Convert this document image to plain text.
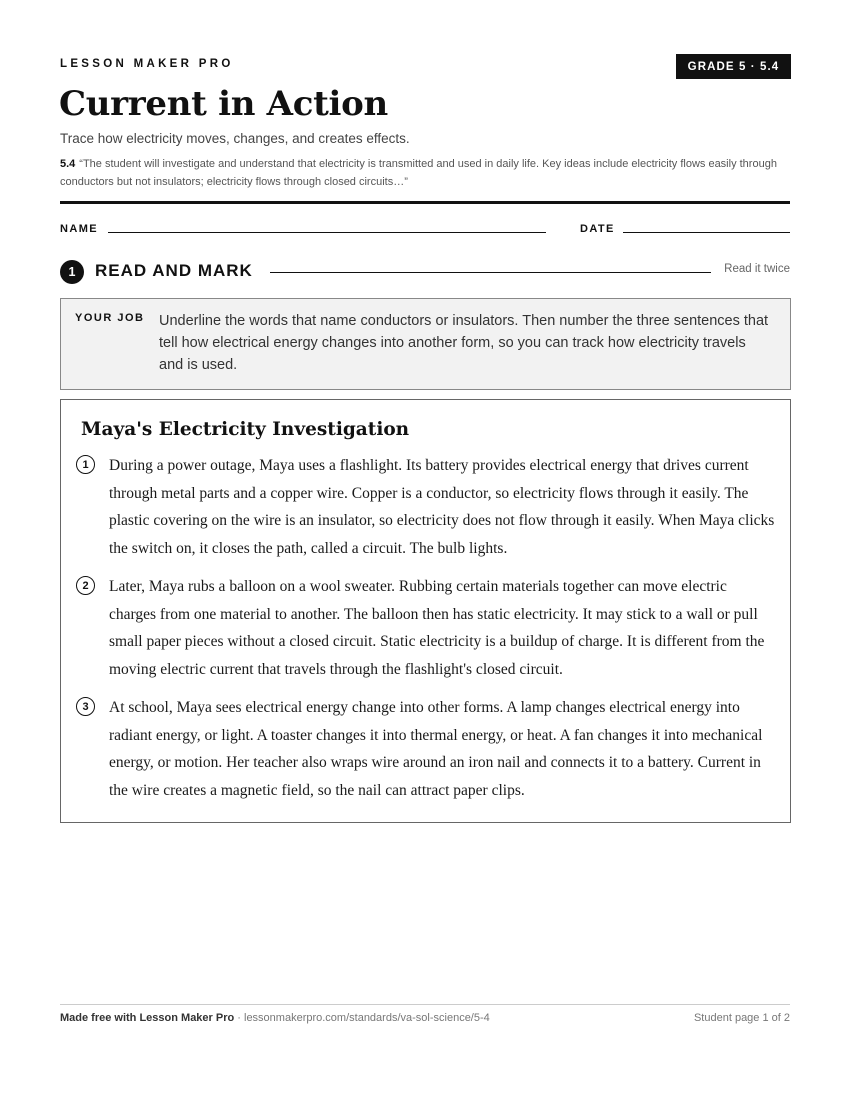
LESSON MAKER PRO	GRADE 5 · 5.4
Current in Action
Trace how electricity moves, changes, and creates effects.
5.4 “The student will investigate and understand that electricity is transmitted and used in daily life. Key ideas include electricity flows easily through conductors but not insulators; electricity flows through closed circuits…”
NAME	DATE
1	READ AND MARK	Read it twice
YOUR JOB Underline the words that name conductors or insulators. Then number the three sentences that tell how electrical energy changes into another form, so you can track how electricity travels and is used.
Maya's Electricity Investigation
1	During a power outage, Maya uses a flashlight. Its battery provides electrical energy that drives current through metal parts and a copper wire. Copper is a conductor, so electricity flows through it easily. The plastic covering on the wire is an insulator, so electricity does not flow through it easily. When Maya clicks the switch on, it closes the path, called a circuit. The bulb lights.
2	Later, Maya rubs a balloon on a wool sweater. Rubbing certain materials together can move electric charges from one material to another. The balloon then has static electricity. It may stick to a wall or pull small paper pieces without a closed circuit. Static electricity is a buildup of charge. It is different from the moving electric current that travels through the flashlight's closed circuit.
3	At school, Maya sees electrical energy change into other forms. A lamp changes electrical energy into radiant energy, or light. A toaster changes it into thermal energy, or heat. A fan changes it into mechanical energy, or motion. Her teacher also wraps wire around an iron nail and connects it to a battery. Current in the wire creates a magnetic field, so the nail can attract paper clips.
Made free with Lesson Maker Pro · lessonmakerpro.com/standards/va-sol-science/5-4	Student page 1 of 2
